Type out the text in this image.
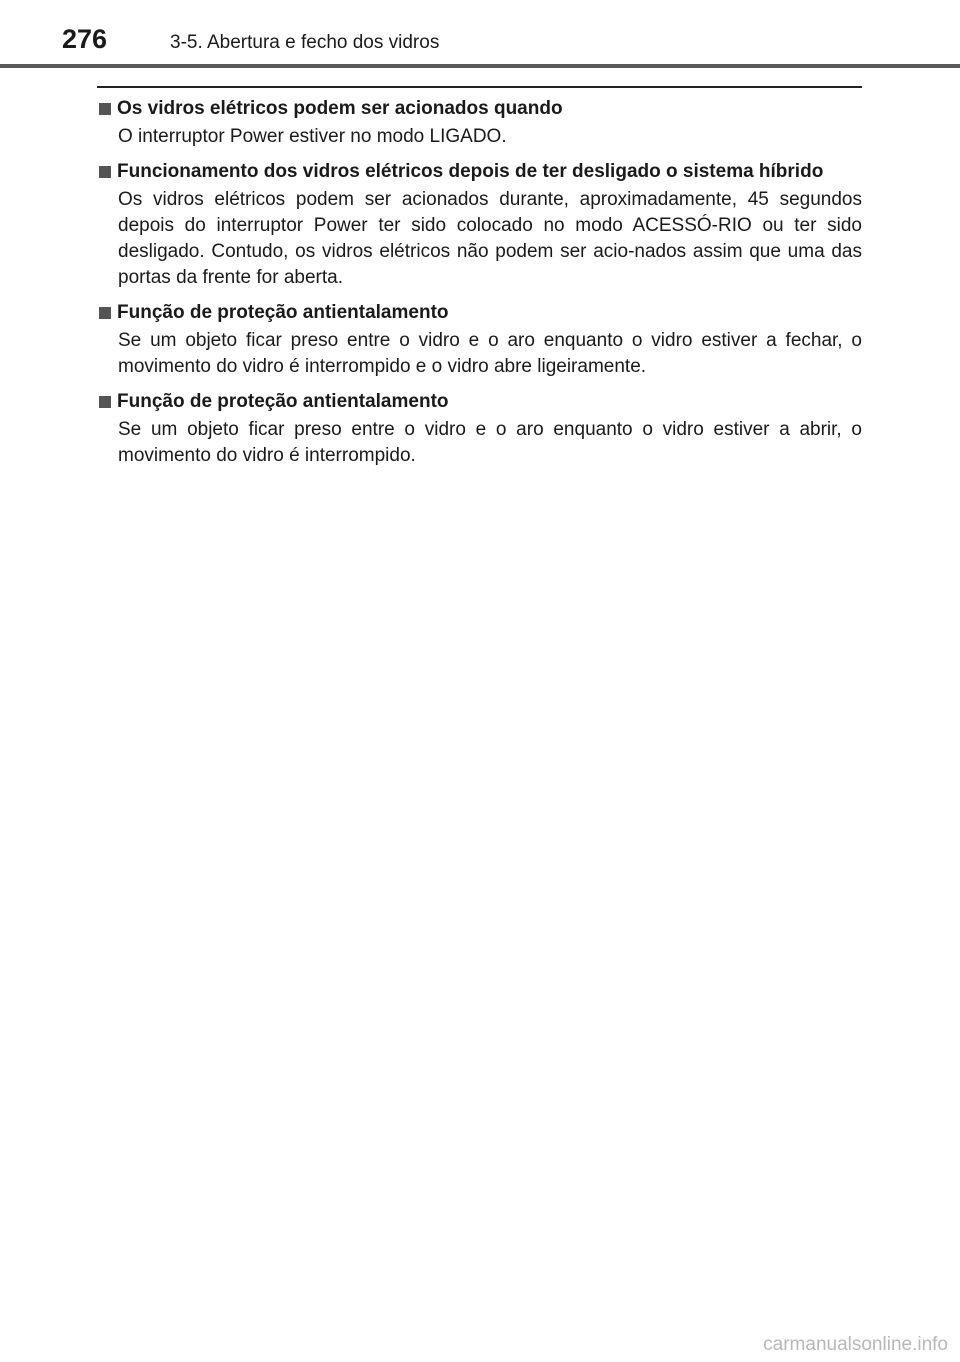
276	3-5. Abertura e fecho dos vidros
Os vidros elétricos podem ser acionados quando
O interruptor Power estiver no modo LIGADO.
Funcionamento dos vidros elétricos depois de ter desligado o sistema híbrido
Os vidros elétricos podem ser acionados durante, aproximadamente, 45 segundos depois do interruptor Power ter sido colocado no modo ACESSÓ-RIO ou ter sido desligado. Contudo, os vidros elétricos não podem ser acio-nados assim que uma das portas da frente for aberta.
Função de proteção antientalamento
Se um objeto ficar preso entre o vidro e o aro enquanto o vidro estiver a fechar, o movimento do vidro é interrompido e o vidro abre ligeiramente.
Função de proteção antientalamento
Se um objeto ficar preso entre o vidro e o aro enquanto o vidro estiver a abrir, o movimento do vidro é interrompido.
carmanualsonline.info
